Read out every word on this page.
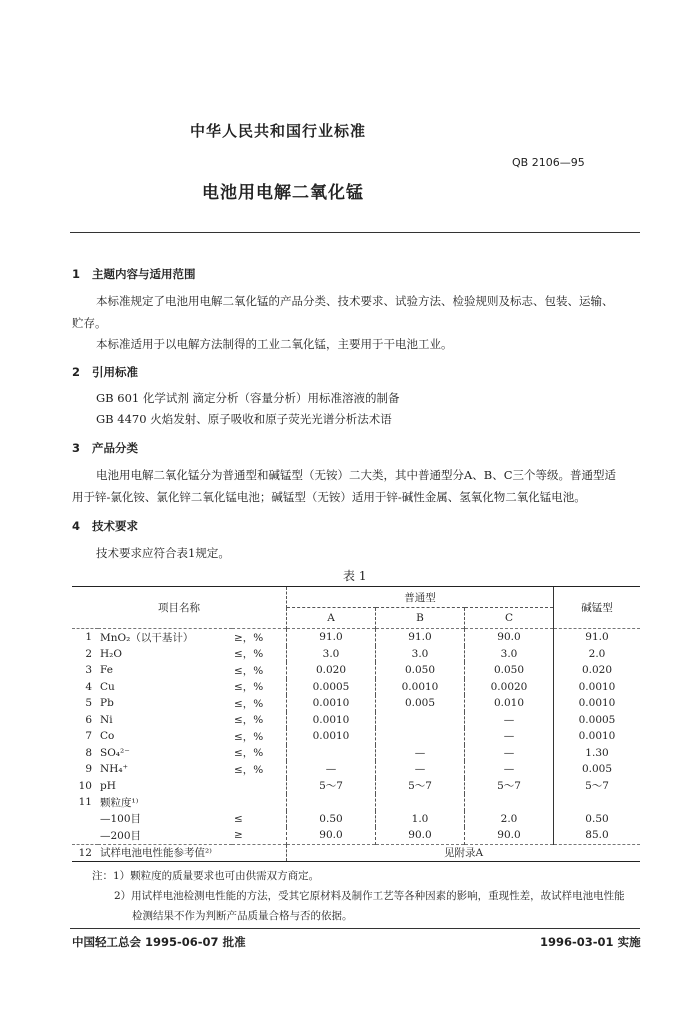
中华人民共和国行业标准
QB 2106—95
电池用电解二氧化锰
1 主题内容与适用范围
本标准规定了电池用电解二氧化锰的产品分类、技术要求、试验方法、检验规则及标志、包装、运输、贮存。
本标准适用于以电解方法制得的工业二氧化锰，主要用于干电池工业。
2 引用标准
GB 601 化学试剂 滴定分析（容量分析）用标准溶液的制备
GB 4470 火焰发射、原子吸收和原子荧光光谱分析法术语
3 产品分类
电池用电解二氧化锰分为普通型和碱锰型（无铵）二大类，其中普通型分A、B、C三个等级。普通型适用于锌-氯化铵、氯化锌二氧化锰电池；碱锰型（无铵）适用于锌-碱性金属、氢氧化物二氧化锰电池。
4 技术要求
技术要求应符合表1规定。
表 1
项目名称			普通型			碱锰型
			A	B	C	
1	MnO₂（以干基计）	≥，%	91.0	91.0	90.0	91.0
2	H₂O	≤，%	3.0	3.0	3.0	2.0
3	Fe	≤，%	0.020	0.050	0.050	0.020
4	Cu	≤，%	0.0005	0.0010	0.0020	0.0010
5	Pb	≤，%	0.0010	0.005	0.010	0.0010
6	Ni	≤，%	0.0010		—	0.0005
7	Co	≤，%	0.0010		—	0.0010
8	SO₄²⁻	≤，%		—	—	1.30
9	NH₄⁺	≤，%	—	—	—	0.005
10	pH		5～7	5～7	5～7	5～7
11	颗粒度¹⁾					
	—100目	≤	0.50	1.0	2.0	0.50
	—200目	≥	90.0	90.0	90.0	85.0
12	试样电池电性能参考值²⁾		见附录A			
注：1）颗粒度的质量要求也可由供需双方商定。
2）用试样电池检测电性能的方法，受其它原材料及制作工艺等各种因素的影响，重现性差，故试样电池电性能
检测结果不作为判断产品质量合格与否的依据。
中国轻工总会 1995-06-07 批准	1996-03-01 实施
